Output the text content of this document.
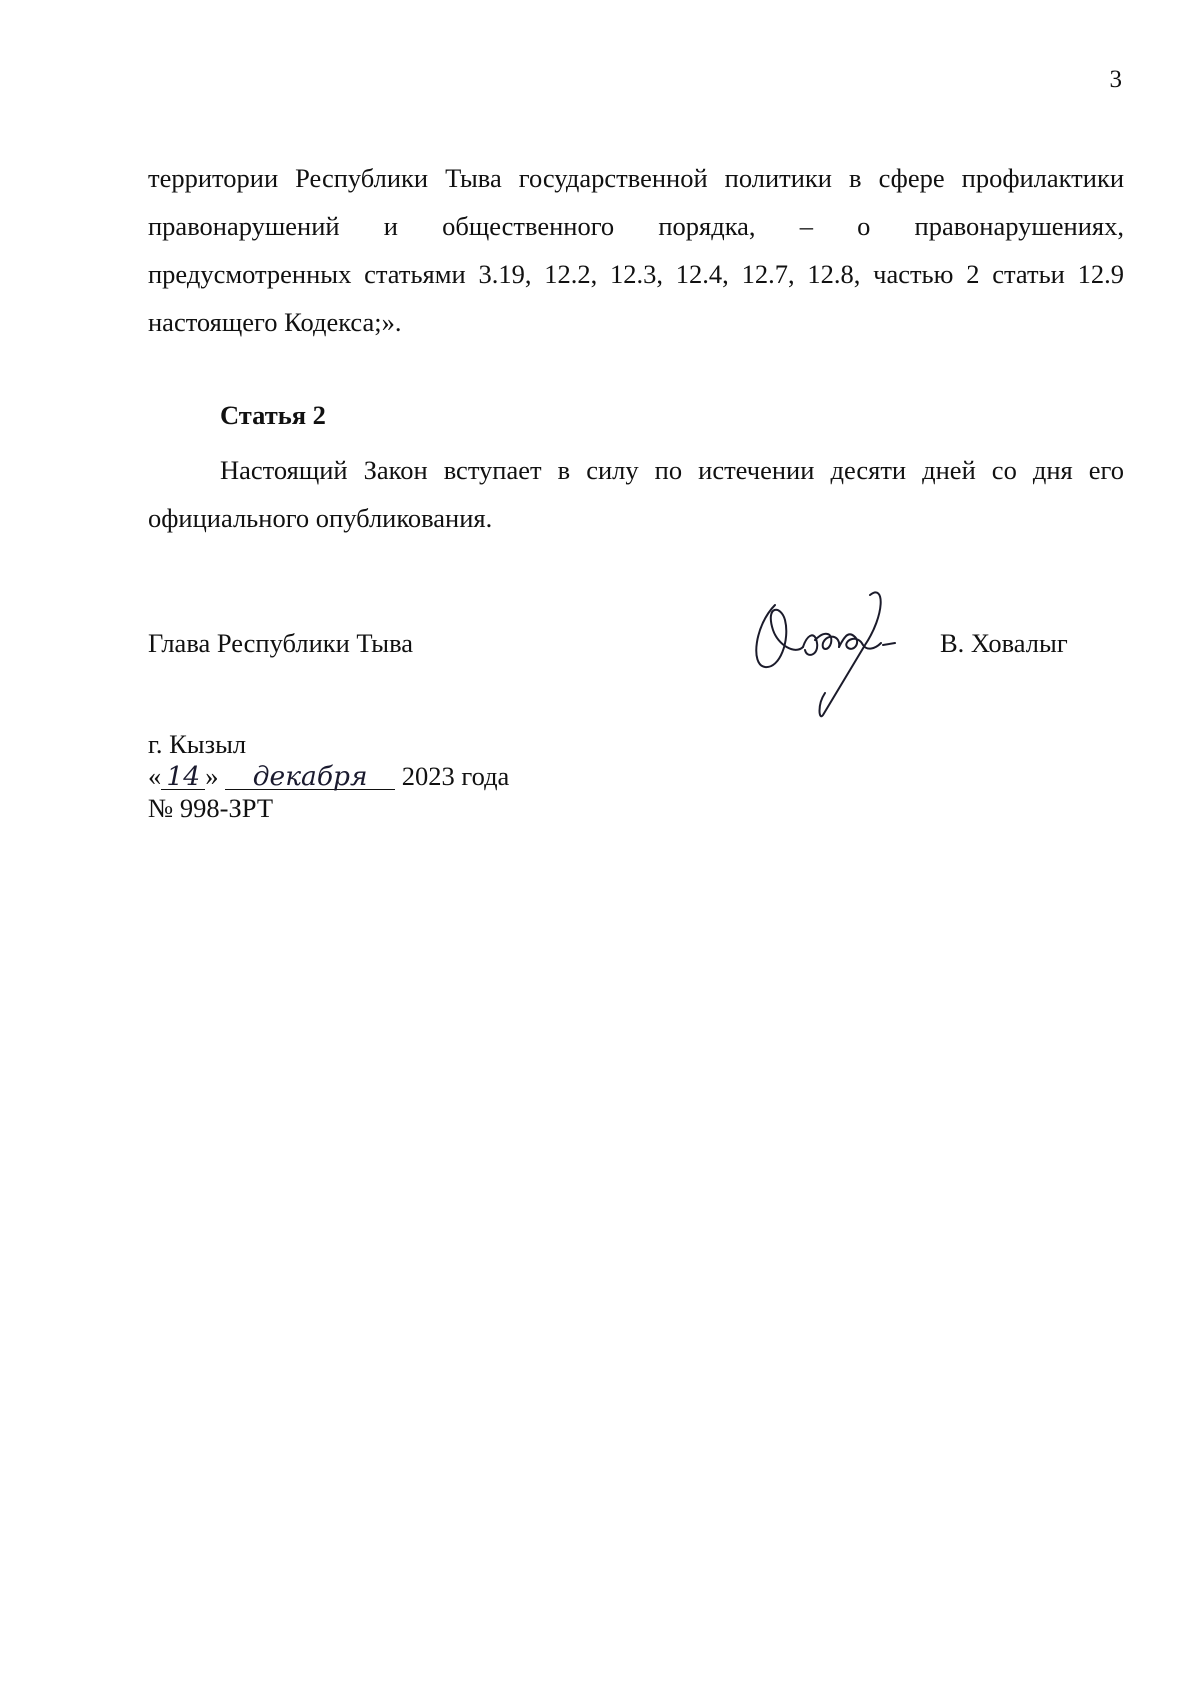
3
территории Республики Тыва государственной политики в сфере профилактики
правонарушений и общественного порядка, – о правонарушениях,
предусмотренных статьями 3.19, 12.2, 12.3, 12.4, 12.7, 12.8, частью 2 статьи 12.9
настоящего Кодекса;».
Статья 2
Настоящий Закон вступает в силу по истечении десяти дней со дня его
официального опубликования.
Глава Республики Тыва	В. Ховалыг
г. Кызыл
« 14 » декабря 2023 года
№ 998-ЗРТ
